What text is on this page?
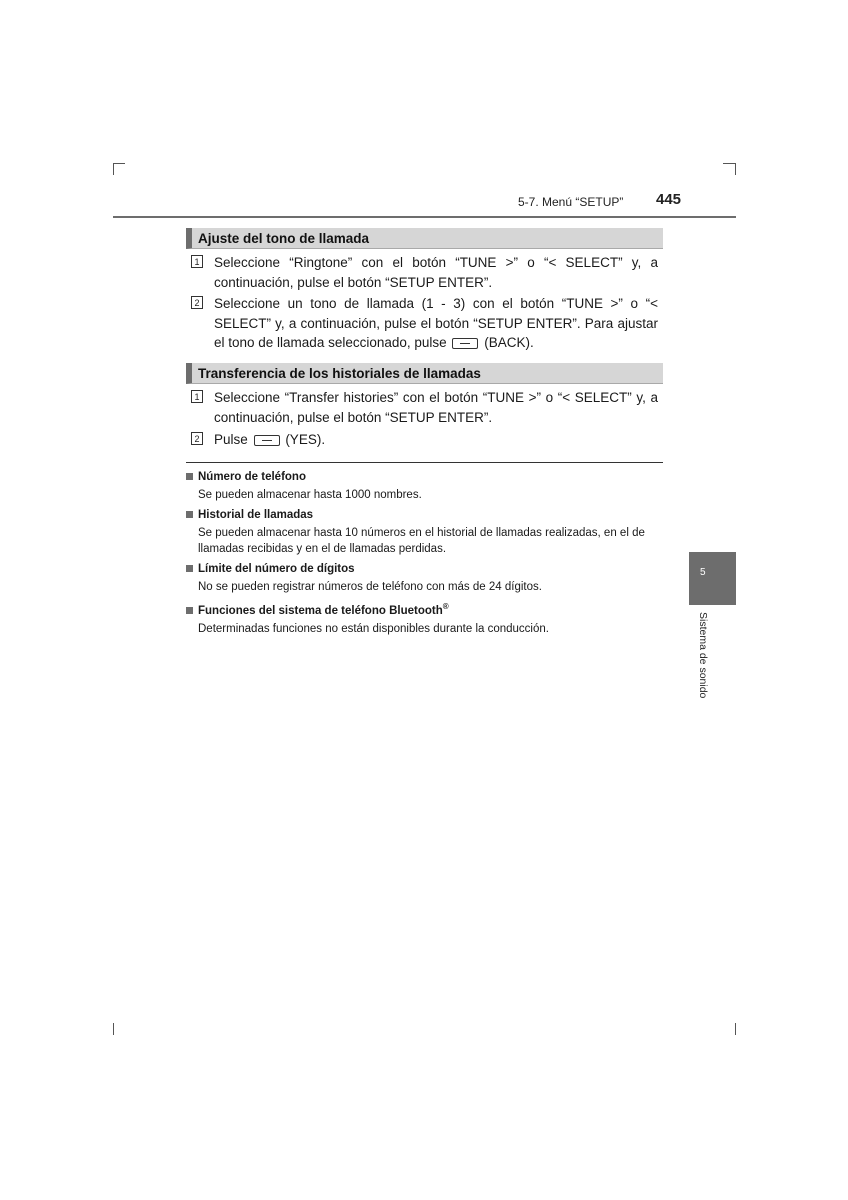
5-7. Menú “SETUP” 445
Ajuste del tono de llamada
1 Seleccione “Ringtone” con el botón “TUNE >” o “< SELECT” y, a continuación, pulse el botón “SETUP ENTER”.
2 Seleccione un tono de llamada (1 - 3) con el botón “TUNE >” o “< SELECT” y, a continuación, pulse el botón “SETUP ENTER”. Para ajustar el tono de llamada seleccionado, pulse	(BACK).
Transferencia de los historiales de llamadas
1 Seleccione “Transfer histories” con el botón “TUNE >” o “< SELECT” y, a continuación, pulse el botón “SETUP ENTER”.
2 Pulse	(YES).
Número de teléfono
Se pueden almacenar hasta 1000 nombres.
Historial de llamadas
Se pueden almacenar hasta 10 números en el historial de llamadas realizadas, en el de llamadas recibidas y en el de llamadas perdidas.
Límite del número de dígitos
No se pueden registrar números de teléfono con más de 24 dígitos.
Funciones del sistema de teléfono Bluetooth®
Determinadas funciones no están disponibles durante la conducción.
5
Sistema de sonido
